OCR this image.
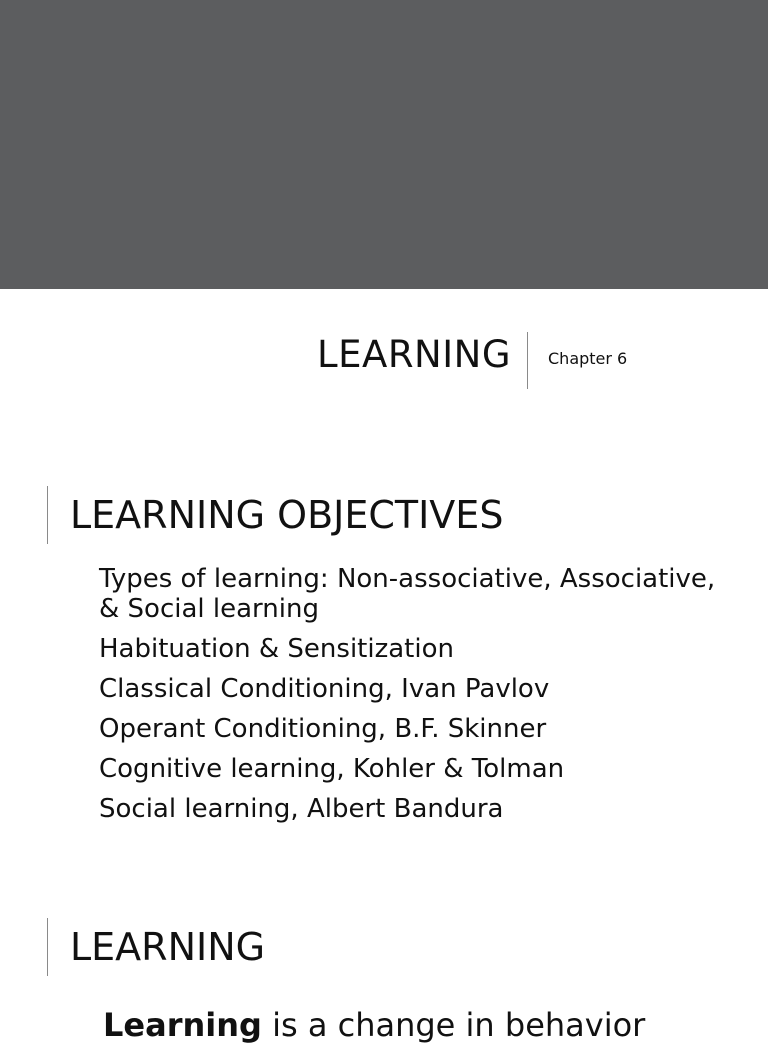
LEARNING Chapter 6
LEARNING OBJECTIVES
Types of learning: Non-associative, Associative, & Social learning
Habituation & Sensitization
Classical Conditioning, Ivan Pavlov
Operant Conditioning, B.F. Skinner
Cognitive learning, Kohler & Tolman
Social learning, Albert Bandura
LEARNING
Learning is a change in behavior
